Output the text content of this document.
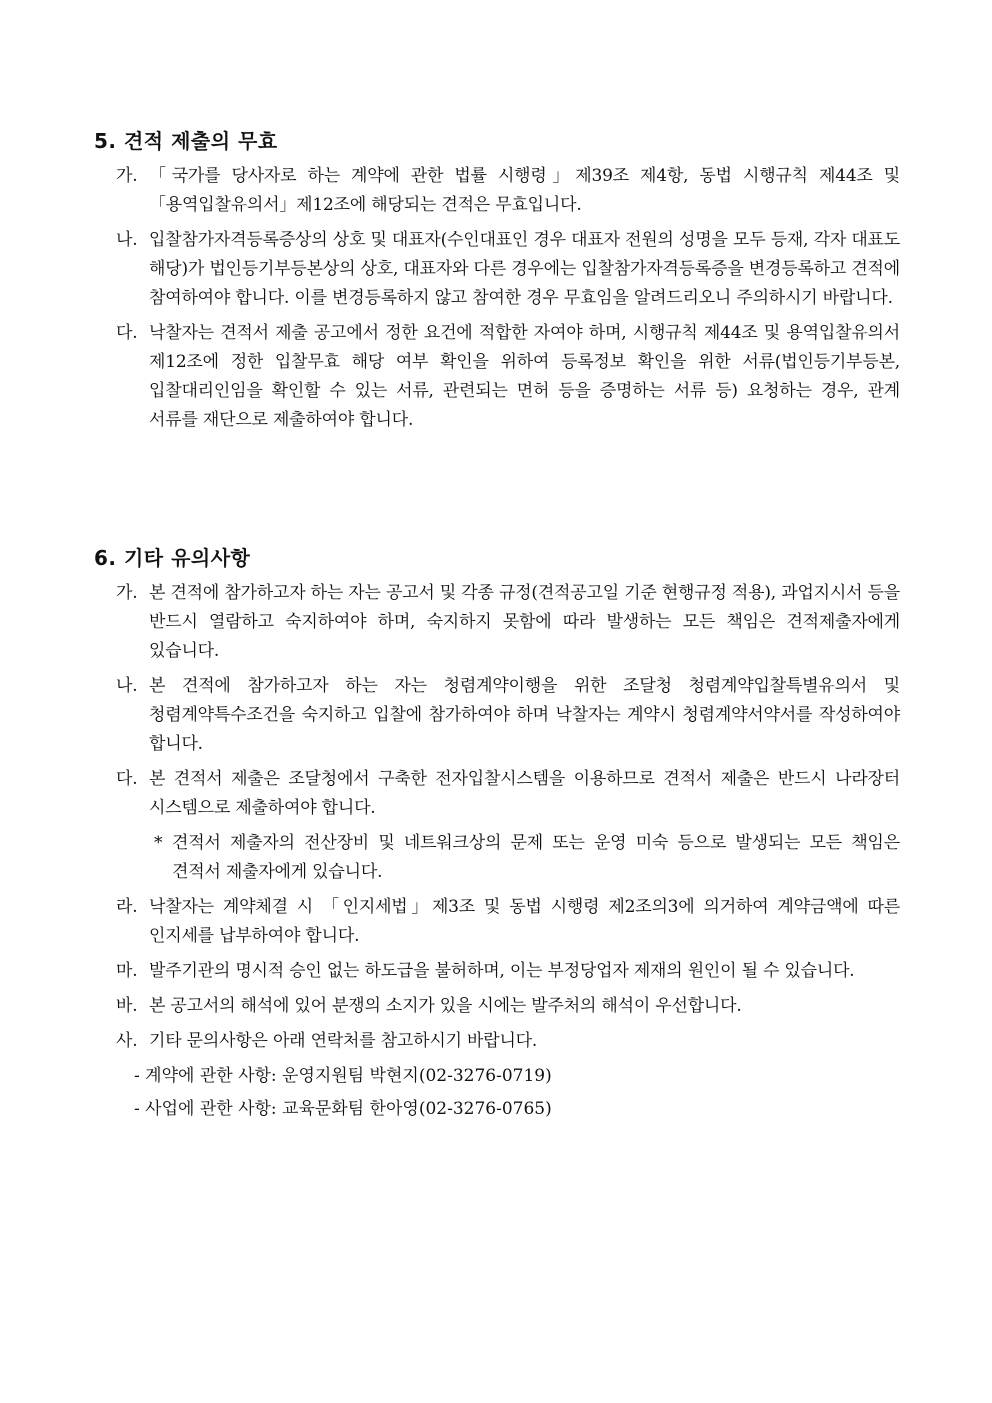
5. 견적 제출의 무효
가. 「국가를 당사자로 하는 계약에 관한 법률 시행령」제39조 제4항, 동법 시행규칙 제44조 및「용역입찰유의서」제12조에 해당되는 견적은 무효입니다.
나. 입찰참가자격등록증상의 상호 및 대표자(수인대표인 경우 대표자 전원의 성명을 모두 등재, 각자 대표도 해당)가 법인등기부등본상의 상호, 대표자와 다른 경우에는 입찰참가자격등록증을 변경등록하고 견적에 참여하여야 합니다. 이를 변경등록하지 않고 참여한 경우 무효임을 알려드리오니 주의하시기 바랍니다.
다. 낙찰자는 견적서 제출 공고에서 정한 요건에 적합한 자여야 하며, 시행규칙 제44조 및 용역입찰유의서 제12조에 정한 입찰무효 해당 여부 확인을 위하여 등록정보 확인을 위한 서류(법인등기부등본, 입찰대리인임을 확인할 수 있는 서류, 관련되는 면허 등을 증명하는 서류 등) 요청하는 경우, 관계 서류를 재단으로 제출하여야 합니다.
6. 기타 유의사항
가. 본 견적에 참가하고자 하는 자는 공고서 및 각종 규정(견적공고일 기준 현행규정 적용), 과업지시서 등을 반드시 열람하고 숙지하여야 하며, 숙지하지 못함에 따라 발생하는 모든 책임은 견적제출자에게 있습니다.
나. 본 견적에 참가하고자 하는 자는 청렴계약이행을 위한 조달청 청렴계약입찰특별유의서 및 청렴계약특수조건을 숙지하고 입찰에 참가하여야 하며 낙찰자는 계약시 청렴계약서약서를 작성하여야 합니다.
다. 본 견적서 제출은 조달청에서 구축한 전자입찰시스템을 이용하므로 견적서 제출은 반드시 나라장터 시스템으로 제출하여야 합니다.
* 견적서 제출자의 전산장비 및 네트워크상의 문제 또는 운영 미숙 등으로 발생되는 모든 책임은 견적서 제출자에게 있습니다.
라. 낙찰자는 계약체결 시 「인지세법」제3조 및 동법 시행령 제2조의3에 의거하여 계약금액에 따른 인지세를 납부하여야 합니다.
마. 발주기관의 명시적 승인 없는 하도급을 불허하며, 이는 부정당업자 제재의 원인이 될 수 있습니다.
바. 본 공고서의 해석에 있어 분쟁의 소지가 있을 시에는 발주처의 해석이 우선합니다.
사. 기타 문의사항은 아래 연락처를 참고하시기 바랍니다.
- 계약에 관한 사항: 운영지원팀 박현지(02-3276-0719)
- 사업에 관한 사항: 교육문화팀 한아영(02-3276-0765)
